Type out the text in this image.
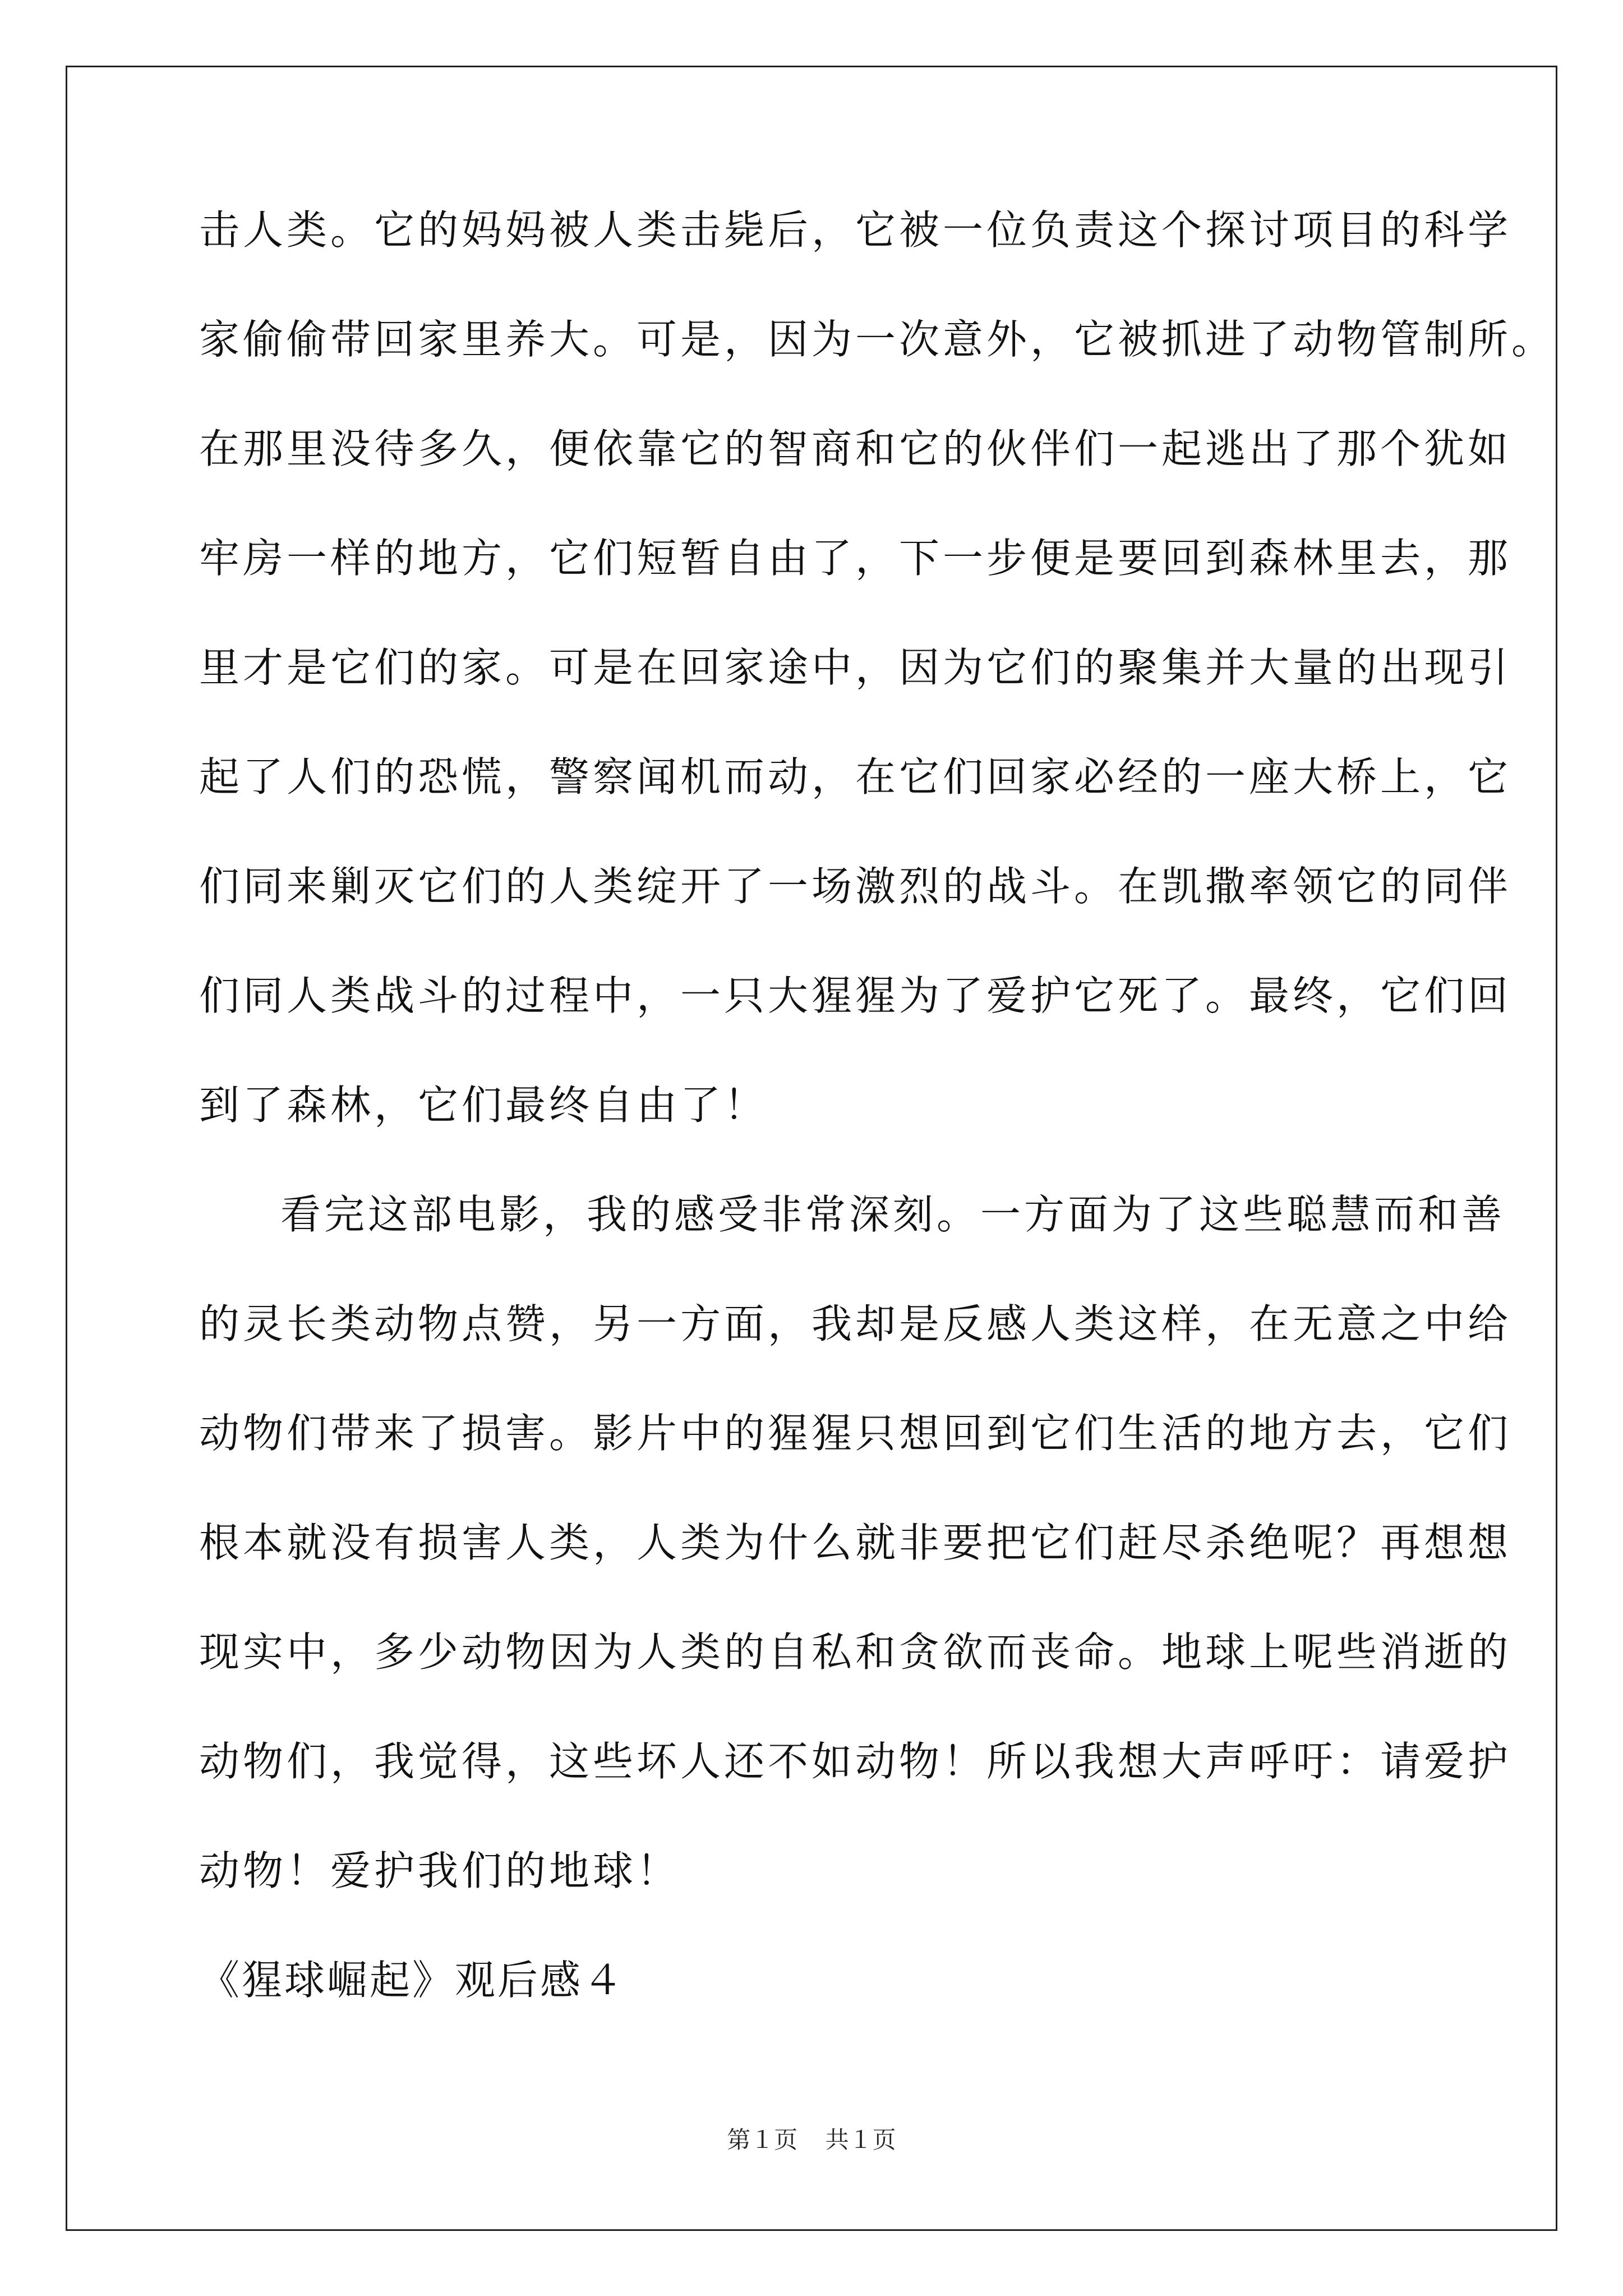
击人类。它的妈妈被人类击毙后，它被一位负责这个探讨项目的科学
家偷偷带回家里养大。可是，因为一次意外，它被抓进了动物管制所。
在那里没待多久，便依靠它的智商和它的伙伴们一起逃出了那个犹如
牢房一样的地方，它们短暂自由了，下一步便是要回到森林里去，那
里才是它们的家。可是在回家途中，因为它们的聚集并大量的出现引
起了人们的恐慌，警察闻机而动，在它们回家必经的一座大桥上，它
们同来剿灭它们的人类绽开了一场激烈的战斗。在凯撒率领它的同伴
们同人类战斗的过程中，一只大猩猩为了爱护它死了。最终，它们回
到了森林，它们最终自由了！
看完这部电影，我的感受非常深刻。一方面为了这些聪慧而和善
的灵长类动物点赞，另一方面，我却是反感人类这样，在无意之中给
动物们带来了损害。影片中的猩猩只想回到它们生活的地方去，它们
根本就没有损害人类，人类为什么就非要把它们赶尽杀绝呢？再想想
现实中，多少动物因为人类的自私和贪欲而丧命。地球上呢些消逝的
动物们，我觉得，这些坏人还不如动物！所以我想大声呼吁：请爱护
动物！爱护我们的地球！
《猩球崛起》观后感４
第１页 共１页
